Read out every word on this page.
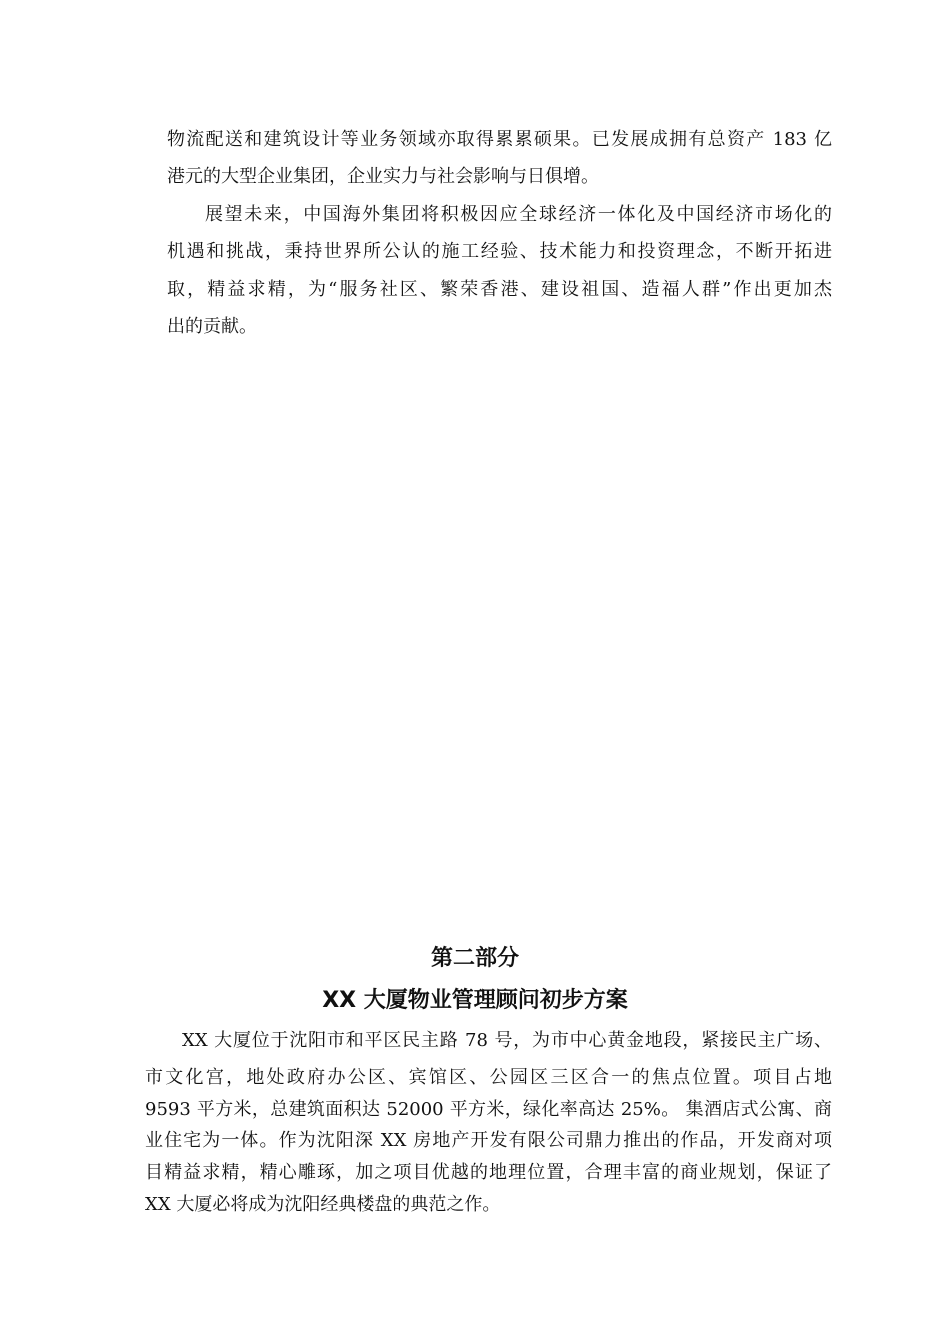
物流配送和建筑设计等业务领域亦取得累累硕果。已发展成拥有总资产 183 亿
港元的大型企业集团，企业实力与社会影响与日俱增。
展望未来，中国海外集团将积极因应全球经济一体化及中国经济市场化的
机遇和挑战，秉持世界所公认的施工经验、技术能力和投资理念，不断开拓进
取，精益求精，为“服务社区、繁荣香港、建设祖国、造福人群”作出更加杰
出的贡献。
第二部分
XX 大厦物业管理顾问初步方案
XX 大厦位于沈阳市和平区民主路 78 号，为市中心黄金地段，紧接民主广场、
市文化宫，地处政府办公区、宾馆区、公园区三区合一的焦点位置。项目占地
9593 平方米，总建筑面积达 52000 平方米，绿化率高达 25%。 集酒店式公寓、商
业住宅为一体。作为沈阳深 XX 房地产开发有限公司鼎力推出的作品，开发商对项
目精益求精，精心雕琢，加之项目优越的地理位置，合理丰富的商业规划，保证了
XX 大厦必将成为沈阳经典楼盘的典范之作。
